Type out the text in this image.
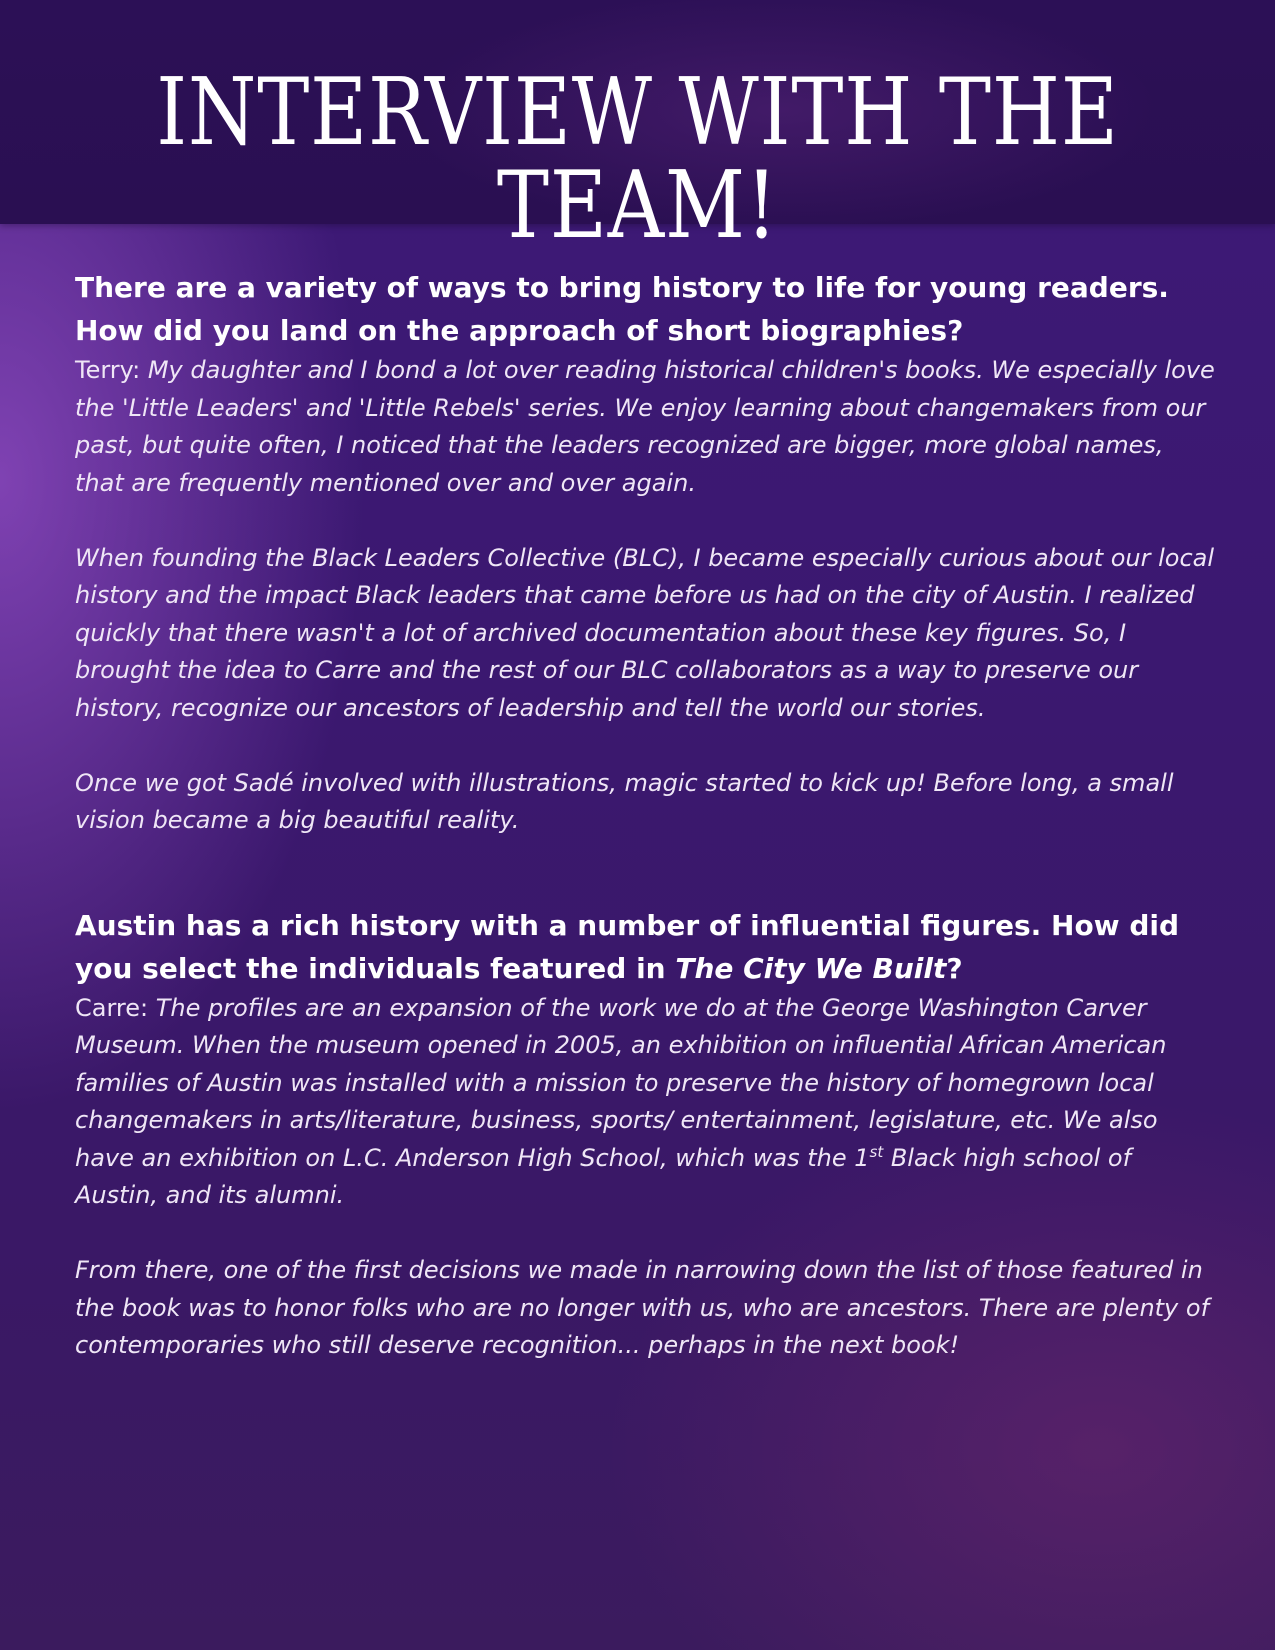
INTERVIEW WITH THE TEAM!
There are a variety of ways to bring history to life for young readers. How did you land on the approach of short biographies?

Terry: My daughter and I bond a lot over reading historical children's books. We especially love the 'Little Leaders' and 'Little Rebels' series. We enjoy learning about changemakers from our past, but quite often, I noticed that the leaders recognized are bigger, more global names, that are frequently mentioned over and over again.
When founding the Black Leaders Collective (BLC), I became especially curious about our local history and the impact Black leaders that came before us had on the city of Austin. I realized quickly that there wasn't a lot of archived documentation about these key figures. So, I brought the idea to Carre and the rest of our BLC collaborators as a way to preserve our history, recognize our ancestors of leadership and tell the world our stories.
Once we got Sadé involved with illustrations, magic started to kick up! Before long, a small vision became a big beautiful reality.

Austin has a rich history with a number of influential figures. How did you select the individuals featured in The City We Built?

Carre: The profiles are an expansion of the work we do at the George Washington Carver Museum. When the museum opened in 2005, an exhibition on influential African American families of Austin was installed with a mission to preserve the history of homegrown local changemakers in arts/literature, business, sports/ entertainment, legislature, etc. We also have an exhibition on L.C. Anderson High School, which was the 1st Black high school of Austin, and its alumni.
From there, one of the first decisions we made in narrowing down the list of those featured in the book was to honor folks who are no longer with us, who are ancestors. There are plenty of contemporaries who still deserve recognition... perhaps in the next book!
